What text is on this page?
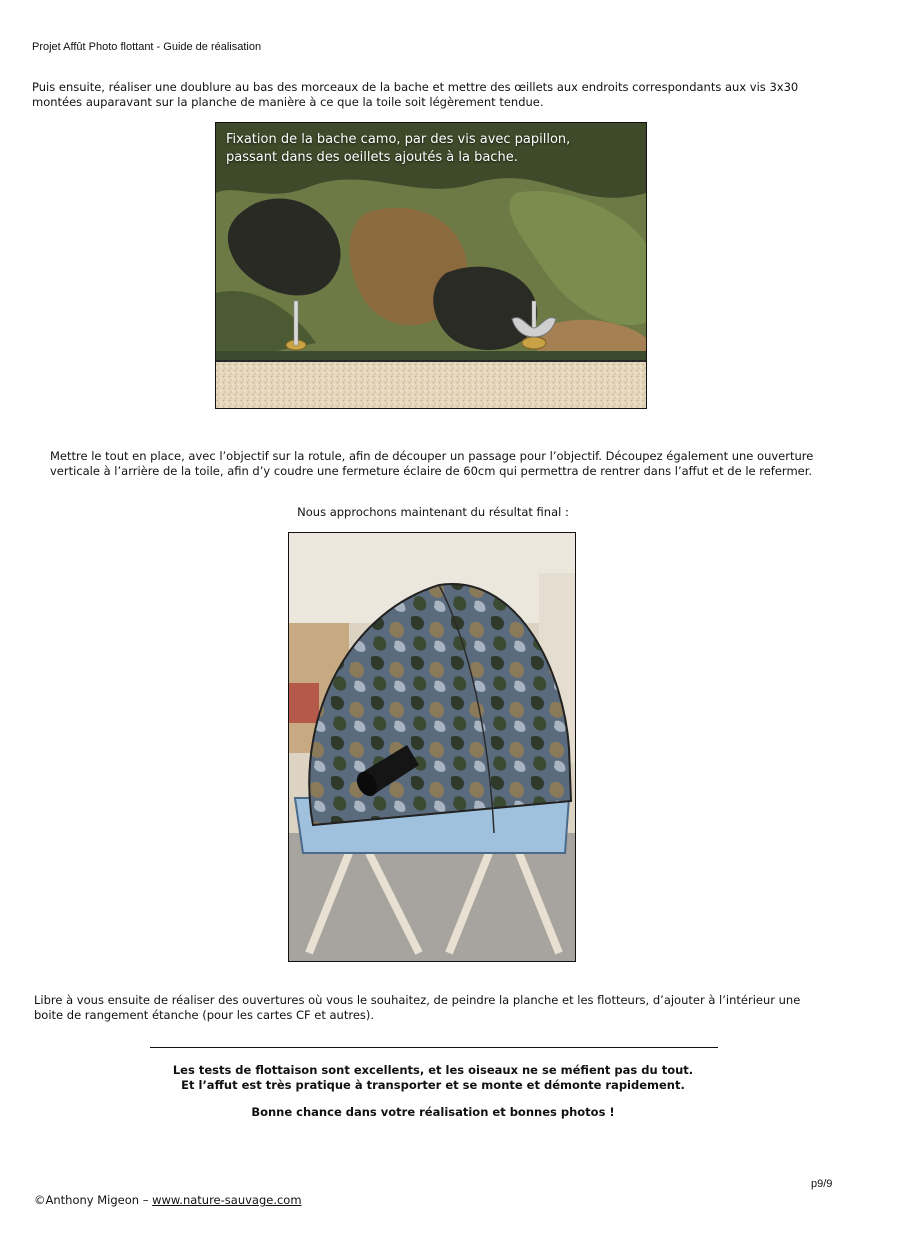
Projet Affût Photo flottant - Guide de réalisation
Puis ensuite, réaliser une doublure au bas des morceaux de la bache et mettre des œillets aux endroits correspondants aux vis 3x30
montées auparavant sur la planche de manière à ce que la toile soit légèrement tendue.
Fixation de la bache camo, par des vis avec papillon,
passant dans des oeillets ajoutés à la bache.
Mettre le tout en place, avec l’objectif sur la rotule, afin de découper un passage pour l’objectif. Découpez également une ouverture
verticale à l’arrière de la toile, afin d’y coudre une fermeture éclaire de 60cm qui permettra de rentrer dans l’affut et de le refermer.
Nous approchons maintenant du résultat final :
Libre à vous ensuite de réaliser des ouvertures où vous le souhaitez, de peindre la planche et les flotteurs, d’ajouter à l’intérieur une
boite de rangement étanche (pour les cartes CF et autres).
Les tests de flottaison sont excellents, et les oiseaux ne se méfient pas du tout.
Et l’affut est très pratique à transporter et se monte et démonte rapidement.
Bonne chance dans votre réalisation et bonnes photos !
p9/9
©Anthony Migeon – www.nature-sauvage.com
